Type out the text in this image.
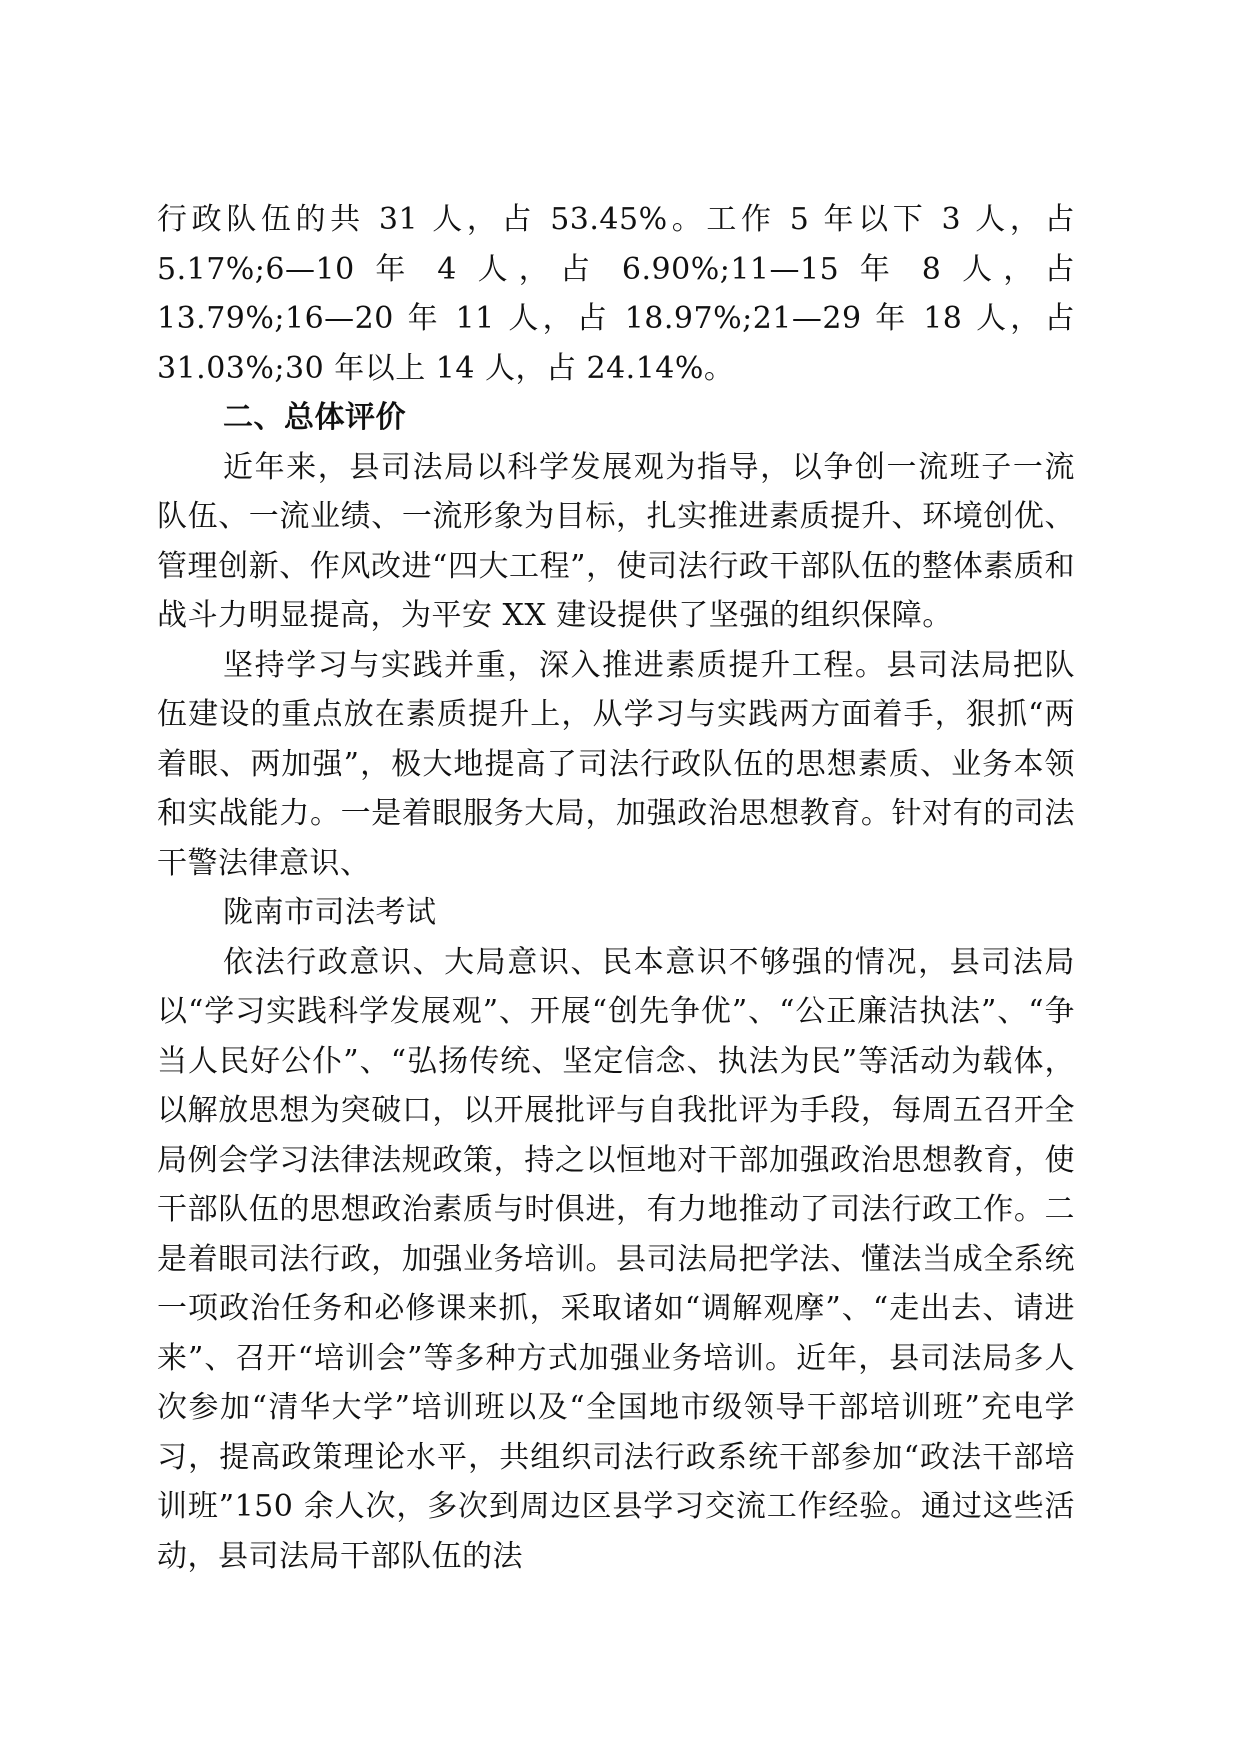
行政队伍的共 31 人，占 53.45%。工作 5 年以下 3 人，占 5.17%;6—10 年 4 人，占 6.90%;11—15 年 8 人，占 13.79%;16—20 年 11 人，占 18.97%;21—29 年 18 人，占 31.03%;30 年以上 14 人，占 24.14%。

二、总体评价

近年来，县司法局以科学发展观为指导，以争创一流班子一流队伍、一流业绩、一流形象为目标，扎实推进素质提升、环境创优、管理创新、作风改进“四大工程”，使司法行政干部队伍的整体素质和战斗力明显提高，为平安 XX 建设提供了坚强的组织保障。

坚持学习与实践并重，深入推进素质提升工程。县司法局把队伍建设的重点放在素质提升上，从学习与实践两方面着手，狠抓“两着眼、两加强”，极大地提高了司法行政队伍的思想素质、业务本领和实战能力。一是着眼服务大局，加强政治思想教育。针对有的司法干警法律意识、

陇南市司法考试

依法行政意识、大局意识、民本意识不够强的情况，县司法局以“学习实践科学发展观”、开展“创先争优”、“公正廉洁执法”、“争当人民好公仆”、“弘扬传统、坚定信念、执法为民”等活动为载体，以解放思想为突破口，以开展批评与自我批评为手段，每周五召开全局例会学习法律法规政策，持之以恒地对干部加强政治思想教育，使干部队伍的思想政治素质与时俱进，有力地推动了司法行政工作。二是着眼司法行政，加强业务培训。县司法局把学法、懂法当成全系统一项政治任务和必修课来抓，采取诸如“调解观摩”、“走出去、请进来”、召开“培训会”等多种方式加强业务培训。近年，县司法局多人次参加“清华大学”培训班以及“全国地市级领导干部培训班”充电学习，提高政策理论水平，共组织司法行政系统干部参加“政法干部培训班”150 余人次，多次到周边区县学习交流工作经验。通过这些活动，县司法局干部队伍的法
